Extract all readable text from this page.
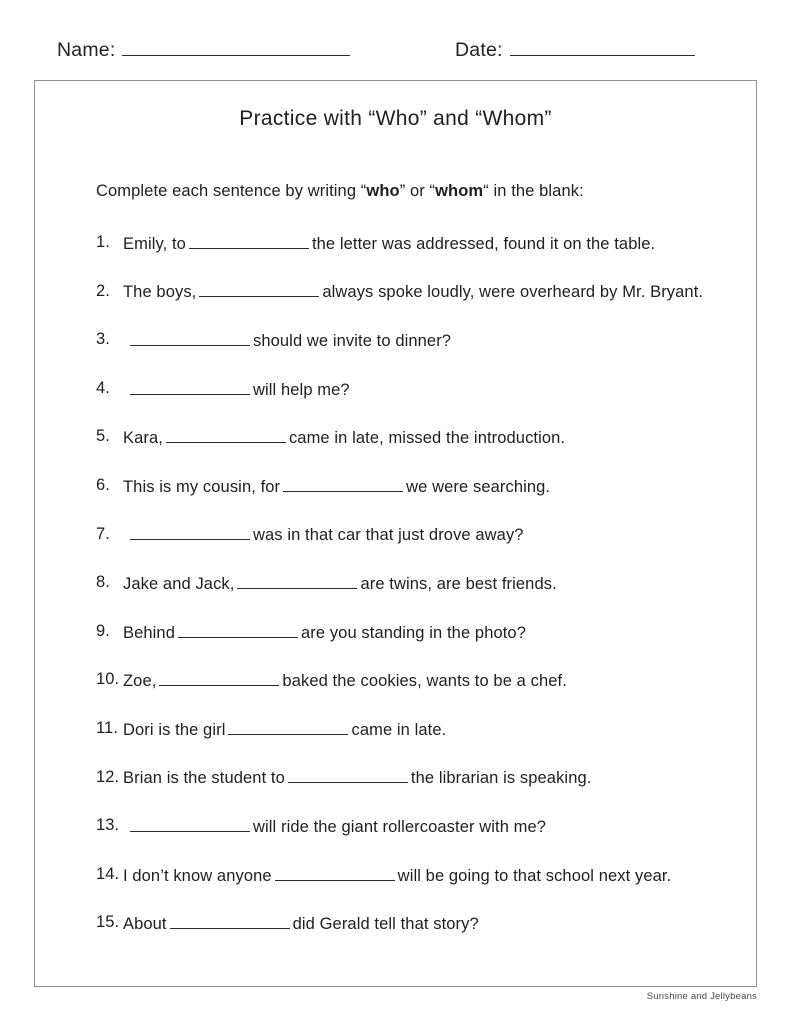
Name:	Date:
Practice with “Who” and “Whom”
Complete each sentence by writing “who” or “whom“ in the blank:
1. Emily, to	the letter was addressed, found it on the table.
2. The boys,	always spoke loudly, were overheard by Mr. Bryant.
3.	should we invite to dinner?
4.	will help me?
5. Kara,	came in late, missed the introduction.
6. This is my cousin, for	we were searching.
7.	was in that car that just drove away?
8. Jake and Jack,	are twins, are best friends.
9. Behind	are you standing in the photo?
10. Zoe,	baked the cookies, wants to be a chef.
11. Dori is the girl	came in late.
12. Brian is the student to	the librarian is speaking.
13.	will ride the giant rollercoaster with me?
14. I don’t know anyone	will be going to that school next year.
15. About	did Gerald tell that story?
Sunshine and Jellybeans
